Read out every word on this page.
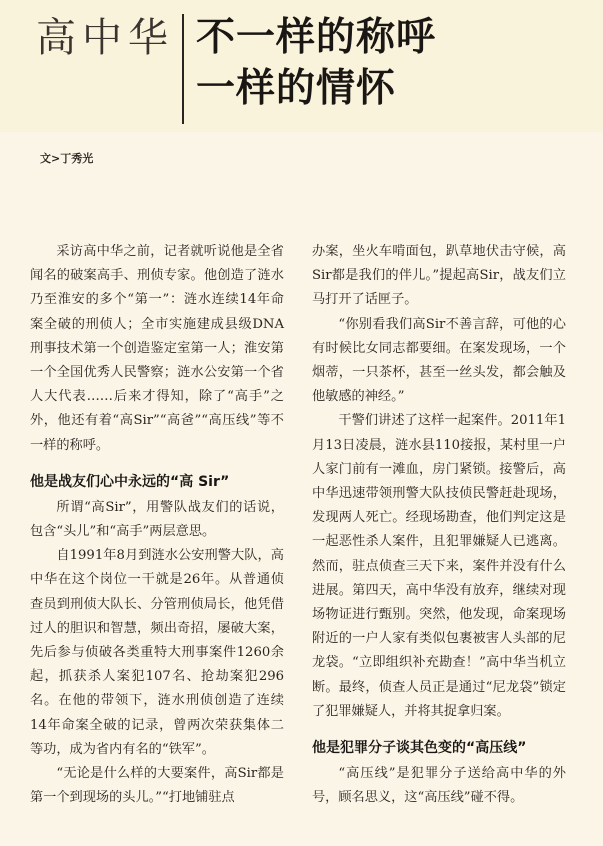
高中华 不一样的称呼
一样的情怀
文>丁秀光

采访高中华之前，记者就听说他是全省闻名的破案高手、刑侦专家。他创造了涟水乃至淮安的多个“第一”：涟水连续14年命案全破的刑侦人；全市实施建成县级DNA刑事技术第一个创造鉴定室第一人；淮安第一个全国优秀人民警察；涟水公安第一个省人大代表……后来才得知，除了“高手”之外，他还有着“高Sir”“高爸”“高压线”等不一样的称呼。

他是战友们心中永远的“高 Sir”

所谓“高Sir”，用警队战友们的话说，包含“头儿”和“高手”两层意思。

自1991年8月到涟水公安刑警大队，高中华在这个岗位一干就是26年。从普通侦查员到刑侦大队长、分管刑侦局长，他凭借过人的胆识和智慧，频出奇招，屡破大案，先后参与侦破各类重特大刑事案件1260余起，抓获杀人案犯107名、抢劫案犯296名。在他的带领下，涟水刑侦创造了连续14年命案全破的记录，曾两次荣获集体二等功，成为省内有名的“铁军”。

“无论是什么样的大要案件，高Sir都是第一个到现场的头儿。”“打地铺驻点

办案，坐火车啃面包，趴草地伏击守候，高Sir都是我们的伴儿。”提起高Sir，战友们立马打开了话匣子。

“你别看我们高Sir不善言辞，可他的心有时候比女同志都要细。在案发现场，一个烟蒂，一只茶杯，甚至一丝头发，都会触及他敏感的神经。”

干警们讲述了这样一起案件。2011年1月13日凌晨，涟水县110接报，某村里一户人家门前有一滩血，房门紧锁。接警后，高中华迅速带领刑警大队技侦民警赶赴现场，发现两人死亡。经现场勘查，他们判定这是一起恶性杀人案件，且犯罪嫌疑人已逃离。然而，驻点侦查三天下来，案件并没有什么进展。第四天，高中华没有放弃，继续对现场物证进行甄别。突然，他发现，命案现场附近的一户人家有类似包裹被害人头部的尼龙袋。“立即组织补充勘查！”高中华当机立断。最终，侦查人员正是通过“尼龙袋”锁定了犯罪嫌疑人，并将其捉拿归案。

他是犯罪分子谈其色变的“高压线”

“高压线”是犯罪分子送给高中华的外号，顾名思义，这“高压线”碰不得。
